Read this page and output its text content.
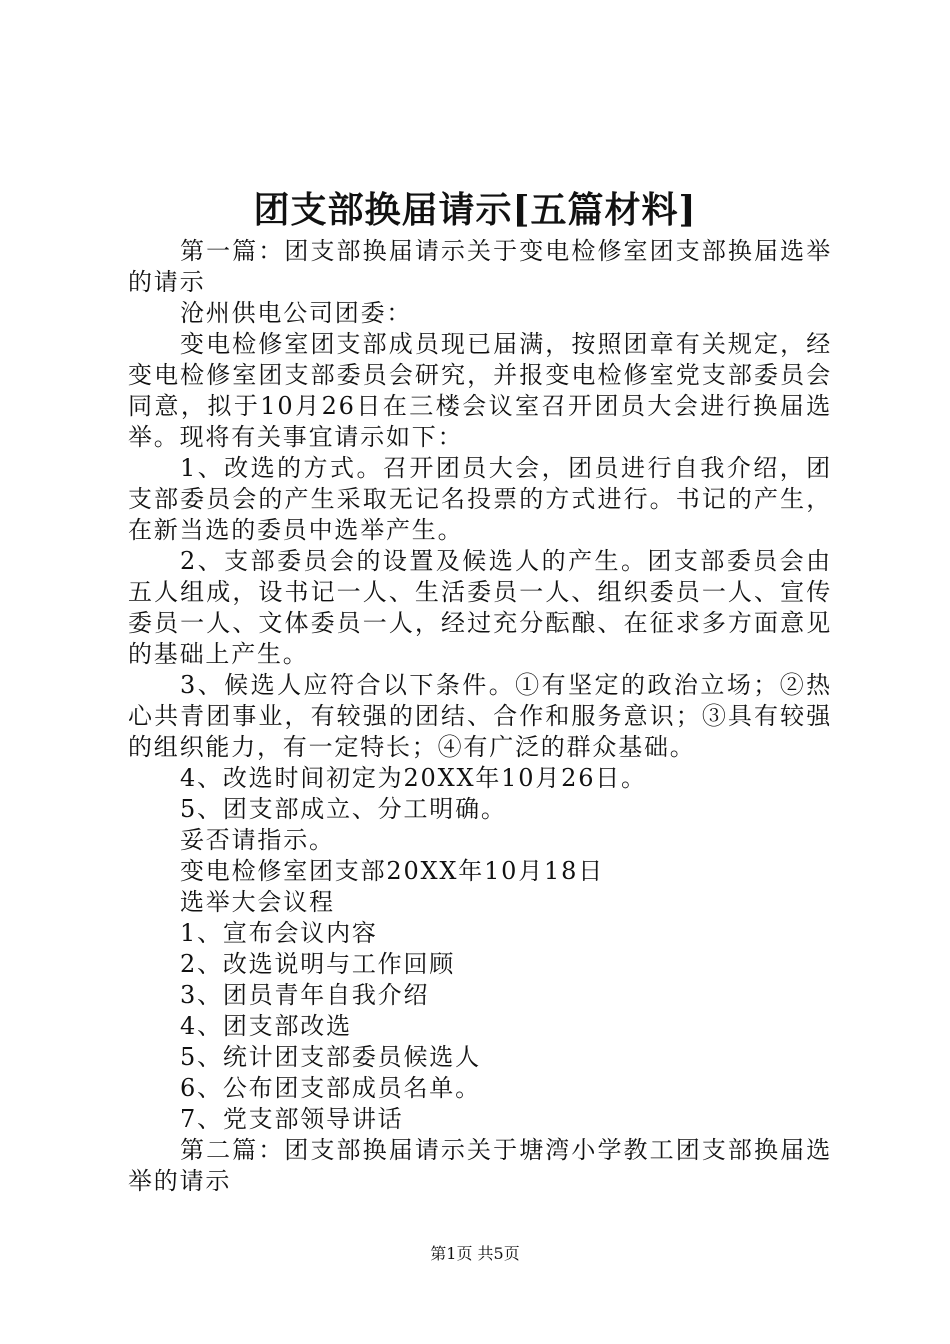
团支部换届请示[五篇材料]

第一篇：团支部换届请示关于变电检修室团支部换届选举的请示

沧州供电公司团委：

变电检修室团支部成员现已届满，按照团章有关规定，经变电检修室团支部委员会研究，并报变电检修室党支部委员会同意，拟于10月26日在三楼会议室召开团员大会进行换届选举。现将有关事宜请示如下：

1、改选的方式。召开团员大会，团员进行自我介绍，团支部委员会的产生采取无记名投票的方式进行。书记的产生，在新当选的委员中选举产生。

2、支部委员会的设置及候选人的产生。团支部委员会由五人组成，设书记一人、生活委员一人、组织委员一人、宣传委员一人、文体委员一人，经过充分酝酿、在征求多方面意见的基础上产生。

3、候选人应符合以下条件。①有坚定的政治立场；②热心共青团事业，有较强的团结、合作和服务意识；③具有较强的组织能力，有一定特长；④有广泛的群众基础。

4、改选时间初定为20XX年10月26日。

5、团支部成立、分工明确。

妥否请指示。

变电检修室团支部20XX年10月18日

选举大会议程

1、宣布会议内容

2、改选说明与工作回顾

3、团员青年自我介绍

4、团支部改选

5、统计团支部委员候选人

6、公布团支部成员名单。

7、党支部领导讲话

第二篇：团支部换届请示关于塘湾小学教工团支部换届选举的请示

第1页 共5页
